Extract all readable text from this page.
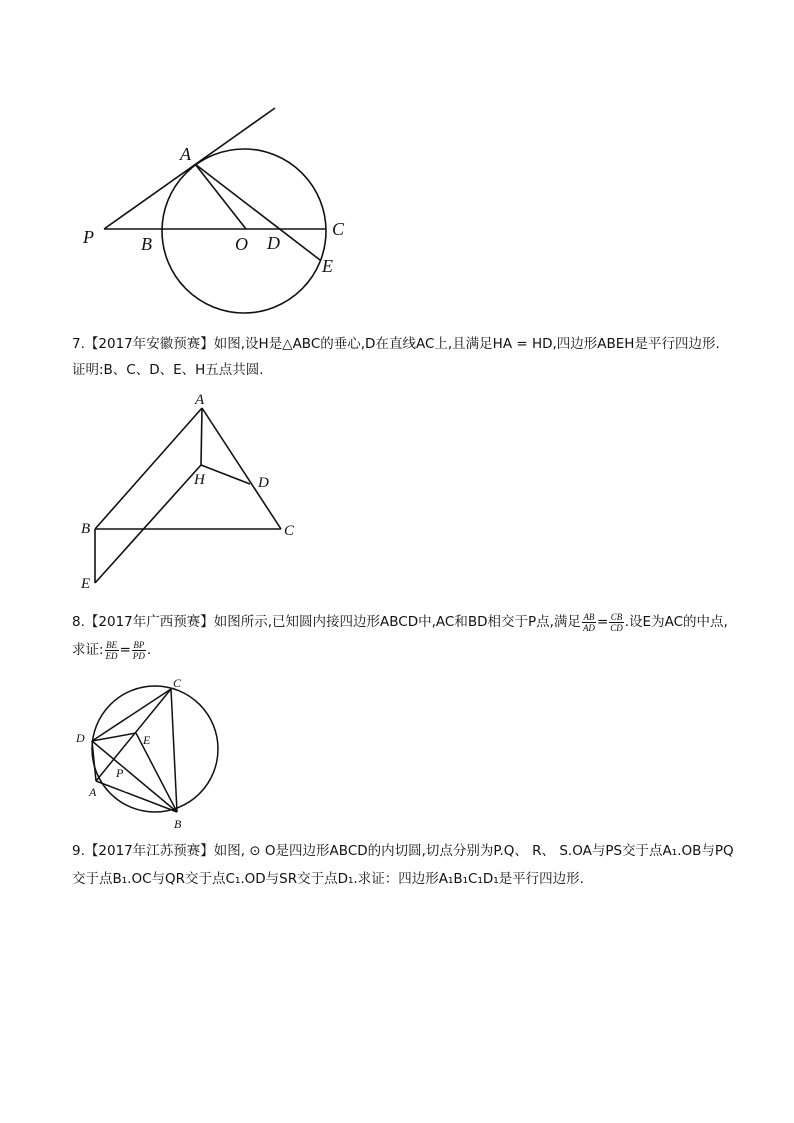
A
P	B	O D
C
E
7.【2017年安徽预赛】如图,设H是△ABC的垂心,D在直线AC上,且满足HA = HD,四边形ABEH是平行四边形.
证明:B、C、D、E、H五点共圆.
A
H	D
B	C
E
8.【2017年广西预赛】如图所示,已知圆内接四边形ABCD中,AC和BD相交于P点,满足 $\frac{AB}{AD} = \frac{CB}{CD}$ .设E为AC的中点,
求证: $\frac{BE}{ED} = \frac{BP}{PD}$ .
C
D	E
P
A
B
9.【2017年江苏预赛】如图, ⊙ O是四边形ABCD的内切圆,切点分别为P.Q、 R、 S.OA与PS交于点A₁.OB与PQ
交于点B₁.OC与QR交于点C₁.OD与SR交于点D₁.求证：四边形A₁B₁C₁D₁是平行四边形.
